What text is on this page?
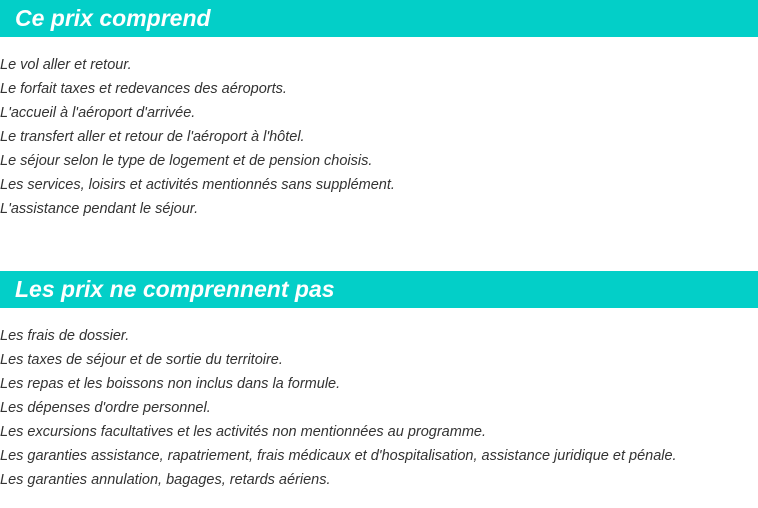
Ce prix comprend
Le vol aller et retour.
Le forfait taxes et redevances des aéroports.
L'accueil à l'aéroport d'arrivée.
Le transfert aller et retour de l'aéroport à l'hôtel.
Le séjour selon le type de logement et de pension choisis.
Les services, loisirs et activités mentionnés sans supplément.
L'assistance pendant le séjour.
Les prix ne comprennent pas
Les frais de dossier.
Les taxes de séjour et de sortie du territoire.
Les repas et les boissons non inclus dans la formule.
Les dépenses d'ordre personnel.
Les excursions facultatives et les activités non mentionnées au programme.
Les garanties assistance, rapatriement, frais médicaux et d'hospitalisation, assistance juridique et pénale.
Les garanties annulation, bagages, retards aériens.
